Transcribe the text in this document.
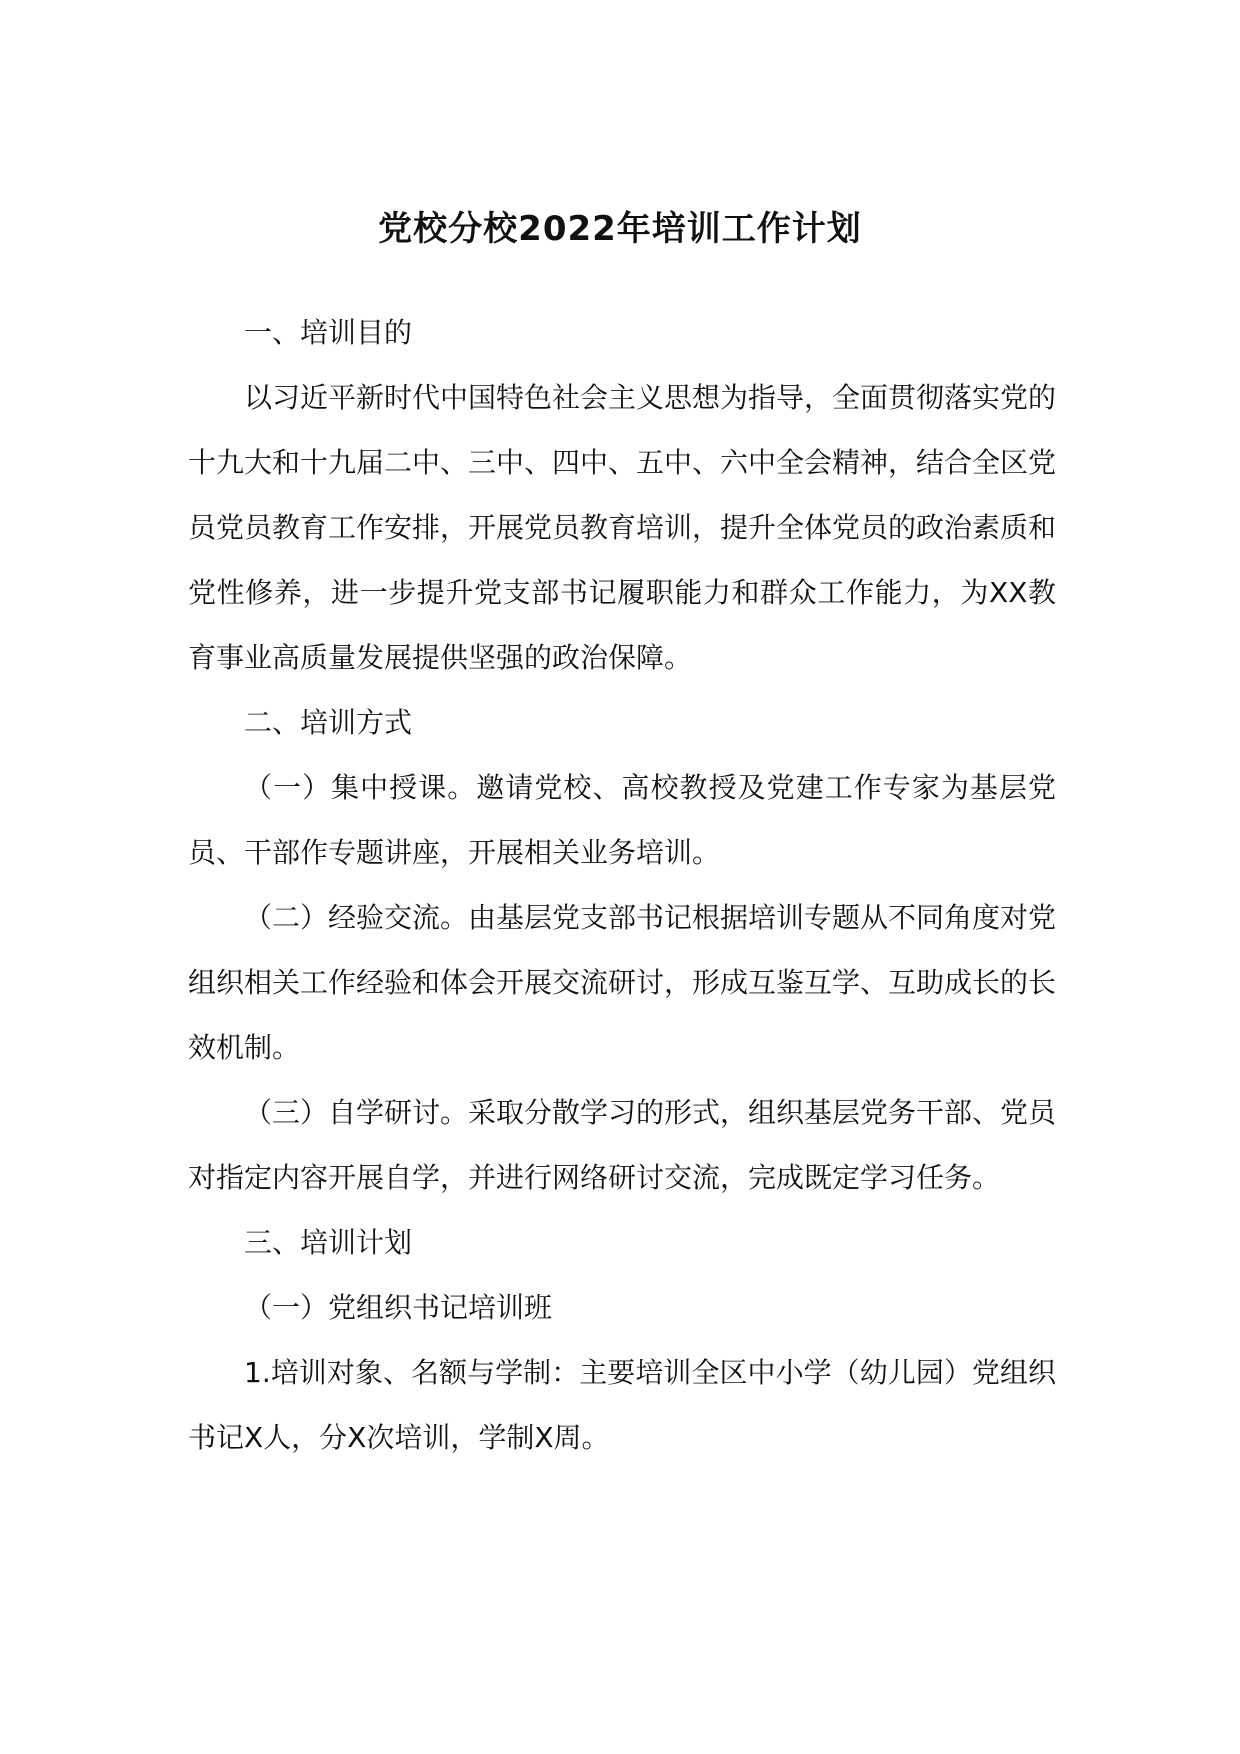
党校分校2022年培训工作计划

一、培训目的

以习近平新时代中国特色社会主义思想为指导，全面贯彻落实党的十九大和十九届二中、三中、四中、五中、六中全会精神，结合全区党员党员教育工作安排，开展党员教育培训，提升全体党员的政治素质和党性修养，进一步提升党支部书记履职能力和群众工作能力，为XX教育事业高质量发展提供坚强的政治保障。

二、培训方式

（一）集中授课。邀请党校、高校教授及党建工作专家为基层党员、干部作专题讲座，开展相关业务培训。

（二）经验交流。由基层党支部书记根据培训专题从不同角度对党组织相关工作经验和体会开展交流研讨，形成互鉴互学、互助成长的长效机制。

（三）自学研讨。采取分散学习的形式，组织基层党务干部、党员对指定内容开展自学，并进行网络研讨交流，完成既定学习任务。

三、培训计划

（一）党组织书记培训班

1.培训对象、名额与学制：主要培训全区中小学（幼儿园）党组织书记X人，分X次培训，学制X周。
